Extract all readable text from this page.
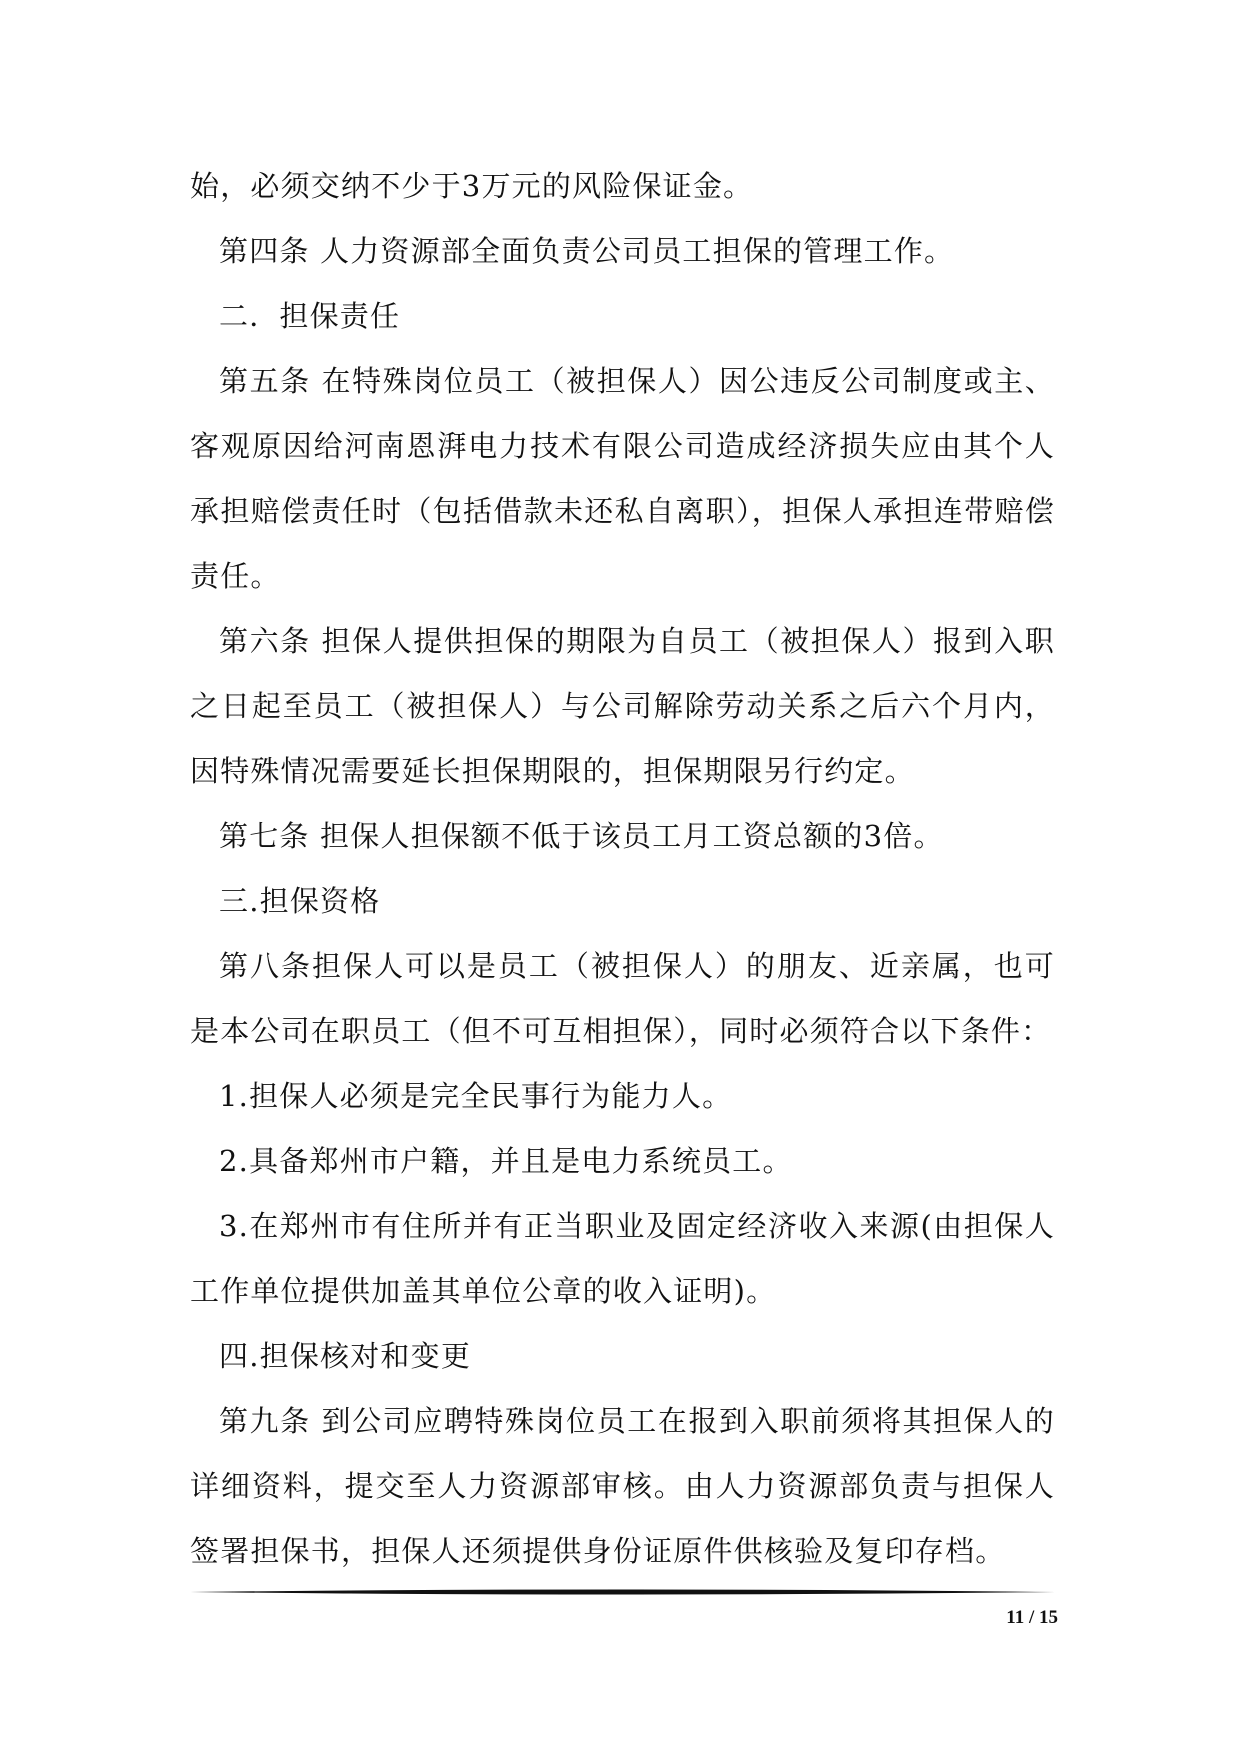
始，必须交纳不少于3万元的风险保证金。

第四条 人力资源部全面负责公司员工担保的管理工作。

二．担保责任

第五条 在特殊岗位员工（被担保人）因公违反公司制度或主、客观原因给河南恩湃电力技术有限公司造成经济损失应由其个人承担赔偿责任时（包括借款未还私自离职），担保人承担连带赔偿责任。

第六条 担保人提供担保的期限为自员工（被担保人）报到入职之日起至员工（被担保人）与公司解除劳动关系之后六个月内，因特殊情况需要延长担保期限的，担保期限另行约定。

第七条 担保人担保额不低于该员工月工资总额的3倍。

三.担保资格

第八条担保人可以是员工（被担保人）的朋友、近亲属，也可是本公司在职员工（但不可互相担保），同时必须符合以下条件：

1.担保人必须是完全民事行为能力人。

2.具备郑州市户籍，并且是电力系统员工。

3.在郑州市有住所并有正当职业及固定经济收入来源(由担保人工作单位提供加盖其单位公章的收入证明)。

四.担保核对和变更

第九条 到公司应聘特殊岗位员工在报到入职前须将其担保人的详细资料，提交至人力资源部审核。由人力资源部负责与担保人签署担保书，担保人还须提供身份证原件供核验及复印存档。

11 / 15
